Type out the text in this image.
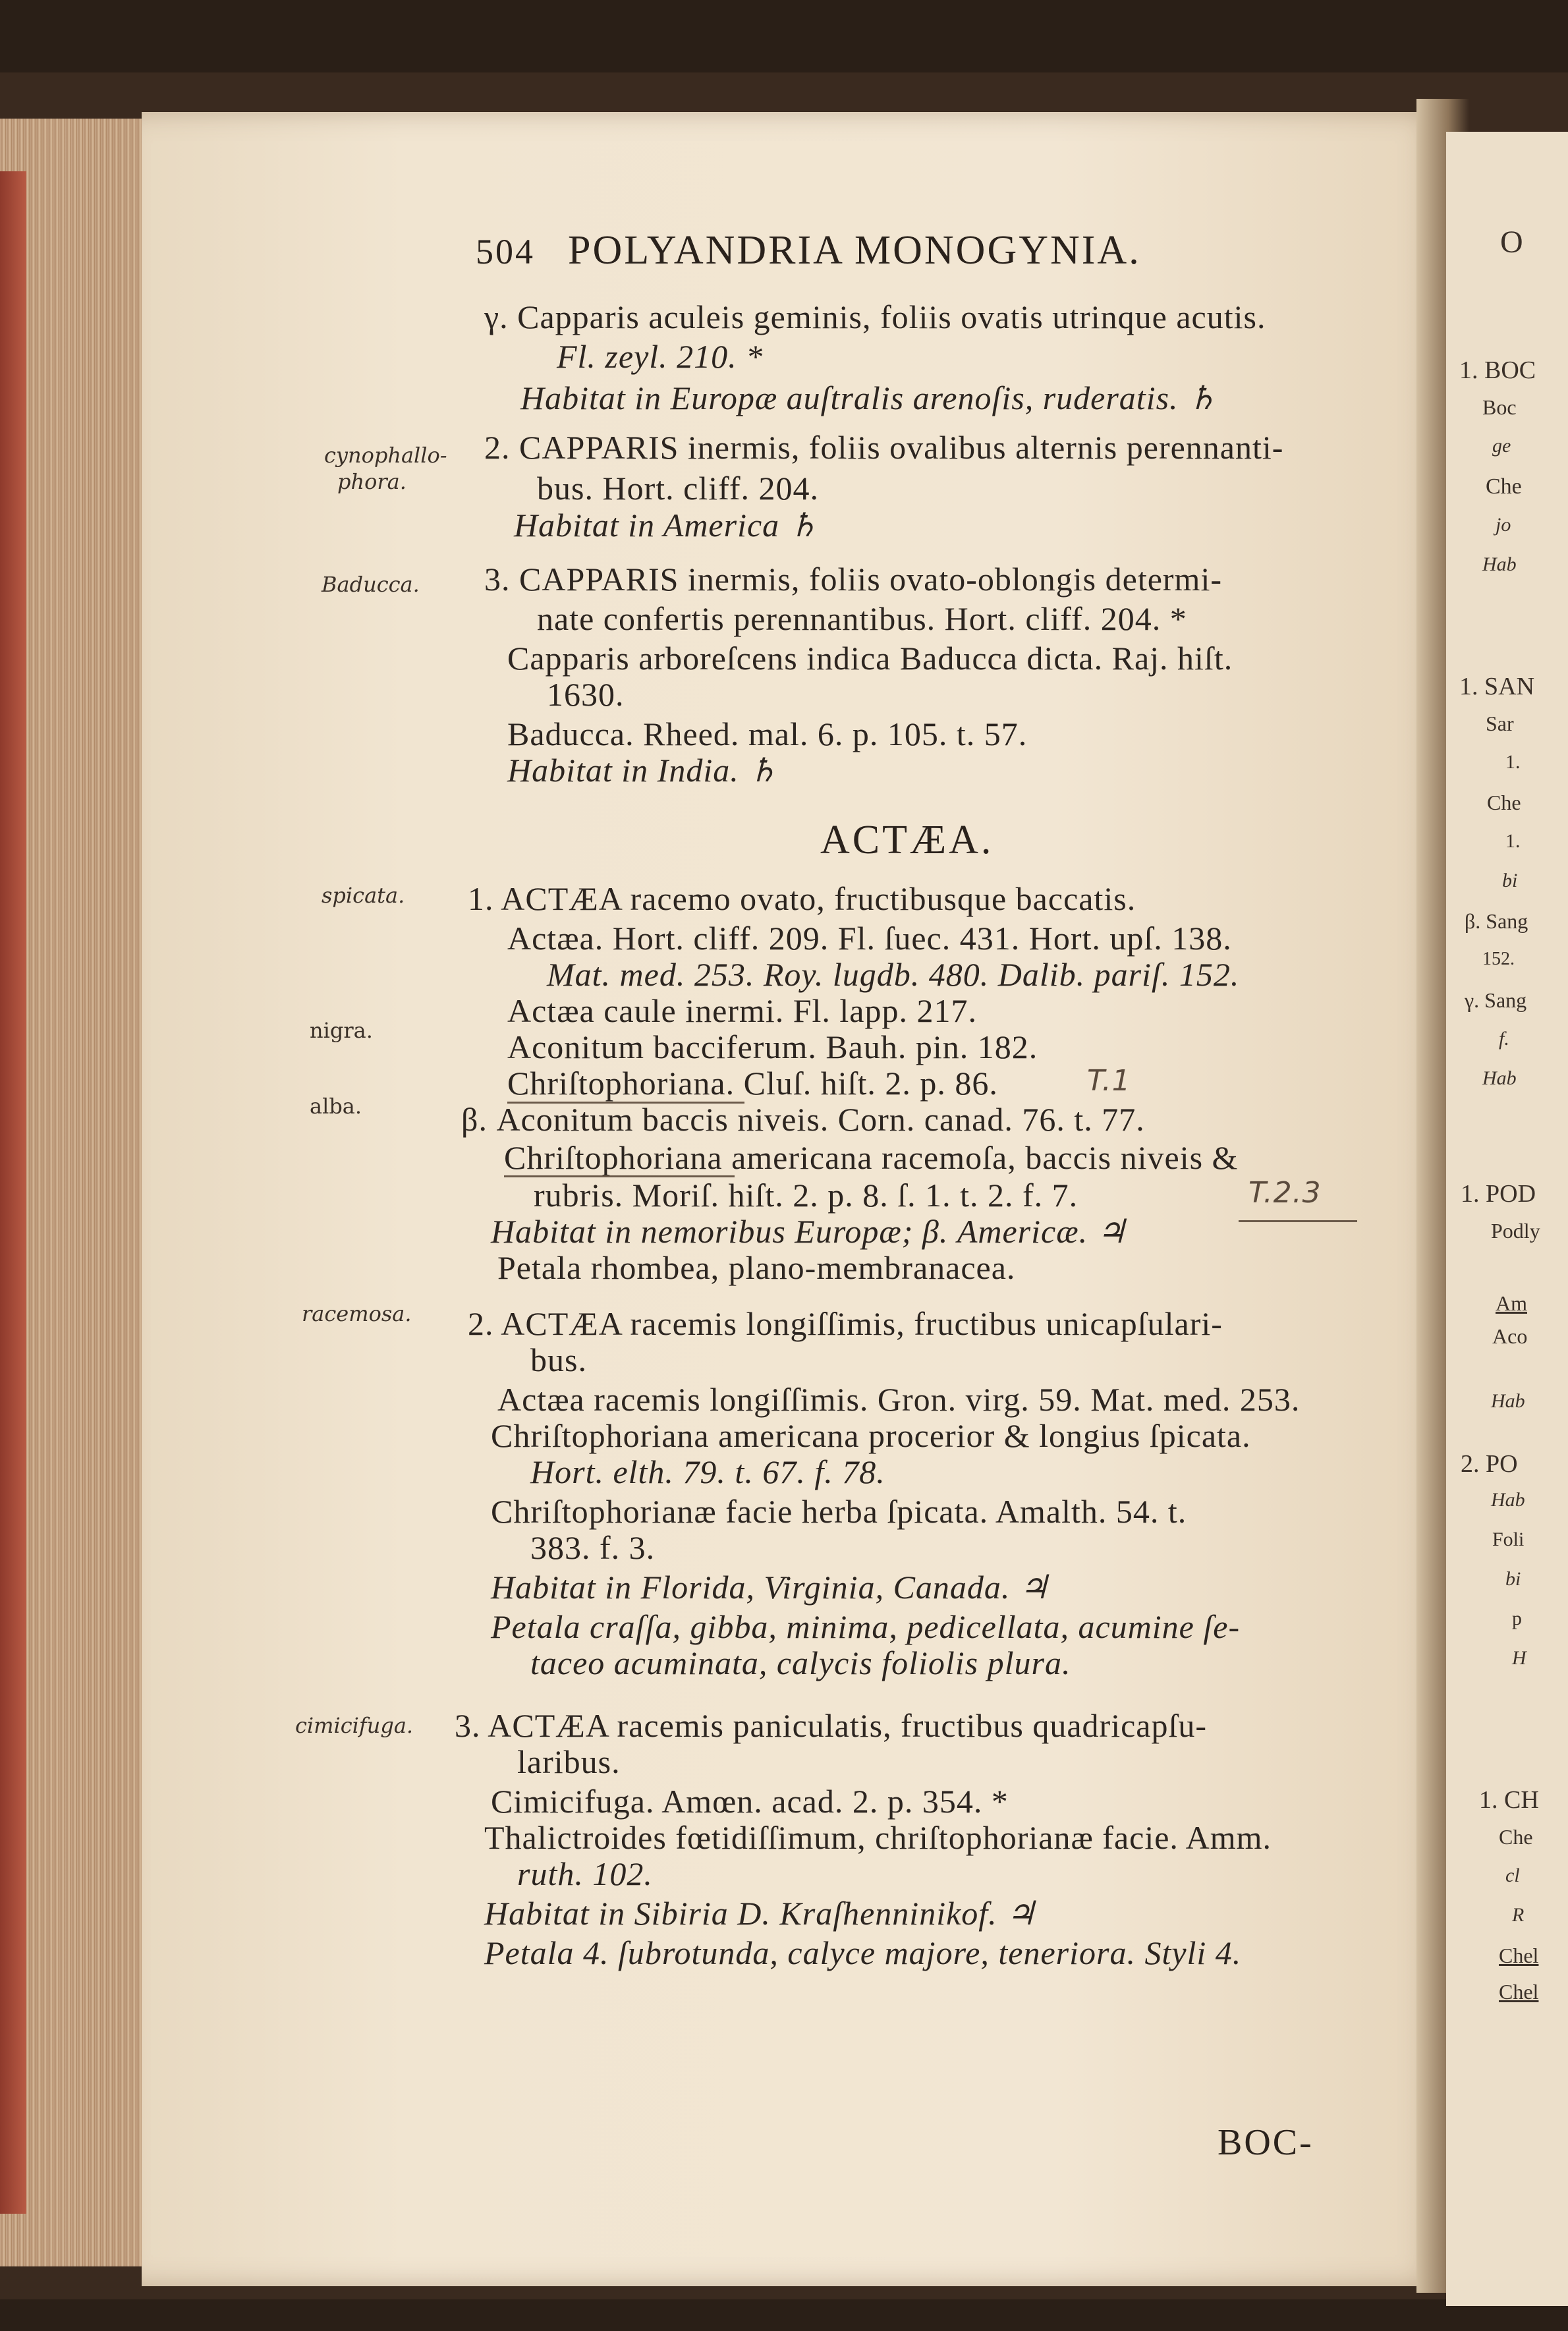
O
1. BOC
Boc
ge
Che
jo
Hab
1. SAN
Sar
1.
Che
1.
bi
β. Sang
152.
γ. Sang
f.
Hab
1. POD
Podly
Am
Aco
Hab
2. PO
Hab
Foli
bi
p
H
1. CH
Che
cl
R
Chel
Chel
504 POLYANDRIA MONOGYNIA.
cynophallo-
phora.
Baducca.
spicata.
nigra.
alba.
racemosa.
cimicifuga.
γ. Capparis aculeis geminis, foliis ovatis utrinque acutis.
Fl. zeyl. 210. *
Habitat in Europæ auſtralis arenoſis, ruderatis. ♄
2. CAPPARIS inermis, foliis ovalibus alternis perennanti-
bus. Hort. cliff. 204.
Habitat in America ♄
3. CAPPARIS inermis, foliis ovato-oblongis determi-
nate confertis perennantibus. Hort. cliff. 204. *
Capparis arboreſcens indica Baducca dicta. Raj. hiſt.
1630.
Baducca. Rheed. mal. 6. p. 105. t. 57.
Habitat in India. ♄
ACTÆA.
1. ACTÆA racemo ovato, fructibusque baccatis.
Actæa. Hort. cliff. 209. Fl. ſuec. 431. Hort. upſ. 138.
Mat. med. 253. Roy. lugdb. 480. Dalib. pariſ. 152.
Actæa caule inermi. Fl. lapp. 217.
Aconitum bacciferum. Bauh. pin. 182.
Chriſtophoriana. Cluſ. hiſt. 2. p. 86.	T.1
β. Aconitum baccis niveis. Corn. canad. 76. t. 77.
Chriſtophoriana americana racemoſa, baccis niveis &
rubris. Moriſ. hiſt. 2. p. 8. ſ. 1. t. 2. f. 7.	T.2.3
Habitat in nemoribus Europæ; β. Americæ. ♃
Petala rhombea, plano-membranacea.
2. ACTÆA racemis longiſſimis, fructibus unicapſulari-
bus.
Actæa racemis longiſſimis. Gron. virg. 59. Mat. med. 253.
Chriſtophoriana americana procerior & longius ſpicata.
Hort. elth. 79. t. 67. f. 78.
Chriſtophorianæ facie herba ſpicata. Amalth. 54. t.
383. f. 3.
Habitat in Florida, Virginia, Canada. ♃
Petala craſſa, gibba, minima, pedicellata, acumine ſe-
taceo acuminata, calycis foliolis plura.
3. ACTÆA racemis paniculatis, fructibus quadricapſu-
laribus.
Cimicifuga. Amœn. acad. 2. p. 354. *
Thalictroides fœtidiſſimum, chriſtophorianæ facie. Amm.
ruth. 102.
Habitat in Sibiria D. Kraſhenninikof. ♃
Petala 4. ſubrotunda, calyce majore, teneriora. Styli 4.
BOC-
